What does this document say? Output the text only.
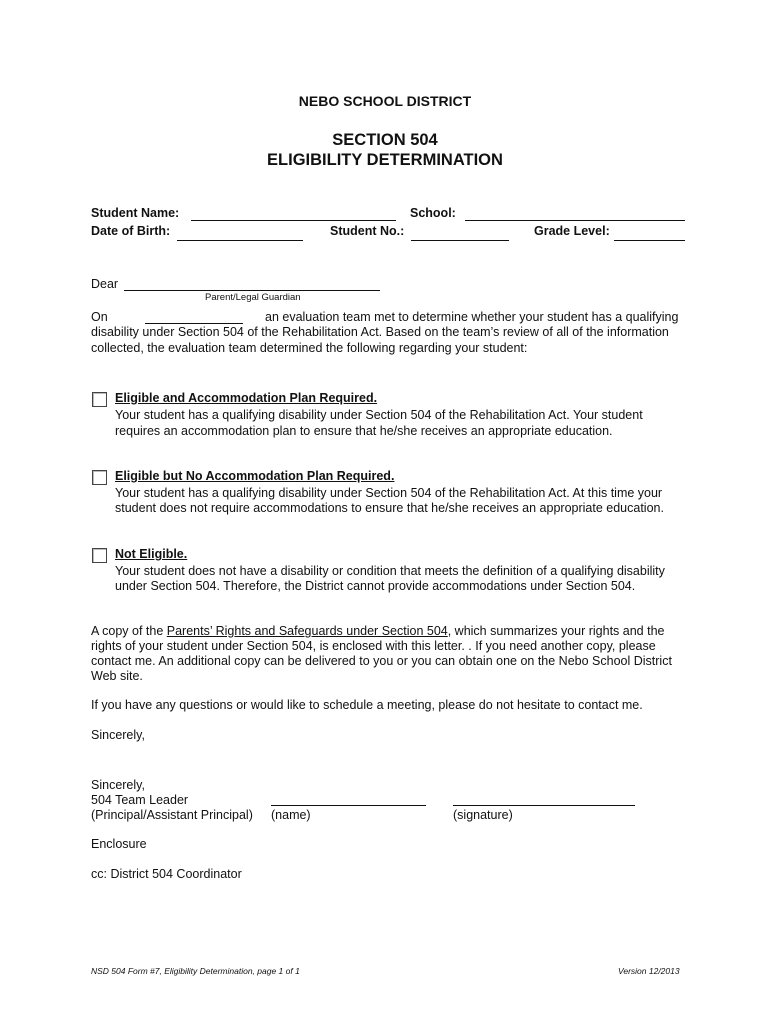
NEBO SCHOOL DISTRICT
SECTION 504
ELIGIBILITY DETERMINATION
Student Name:	School:
Date of Birth:	Student No.:	Grade Level:
Dear
Parent/Legal Guardian
On	an evaluation team met to determine whether your student has a qualifying
disability under Section 504 of the Rehabilitation Act. Based on the team’s review of all of the information
collected, the evaluation team determined the following regarding your student:
Eligible and Accommodation Plan Required.
Your student has a qualifying disability under Section 504 of the Rehabilitation Act. Your student
requires an accommodation plan to ensure that he/she receives an appropriate education.
Eligible but No Accommodation Plan Required.
Your student has a qualifying disability under Section 504 of the Rehabilitation Act. At this time your
student does not require accommodations to ensure that he/she receives an appropriate education.
Not Eligible.
Your student does not have a disability or condition that meets the definition of a qualifying disability
under Section 504. Therefore, the District cannot provide accommodations under Section 504.
A copy of the Parents’ Rights and Safeguards under Section 504, which summarizes your rights and the
rights of your student under Section 504, is enclosed with this letter. . If you need another copy, please
contact me. An additional copy can be delivered to you or you can obtain one on the Nebo School District
Web site.
If you have any questions or would like to schedule a meeting, please do not hesitate to contact me.
Sincerely,
Sincerely,
504 Team Leader
(Principal/Assistant Principal) (name)	(signature)
Enclosure
cc: District 504 Coordinator
NSD 504 Form #7, Eligibility Determination, page 1 of 1	Version 12/2013
